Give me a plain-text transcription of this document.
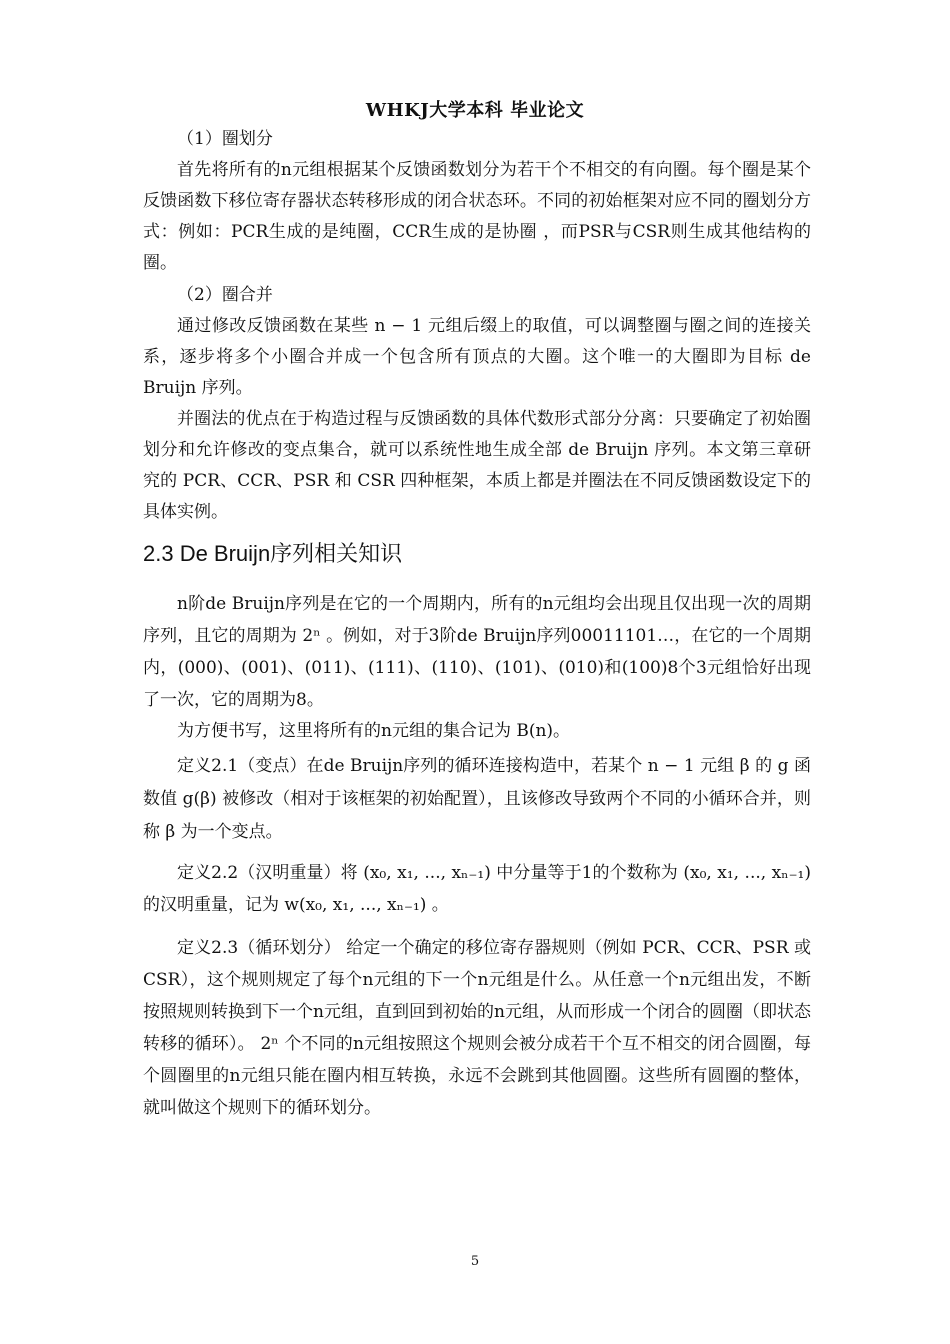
WHKJ大学本科 毕业论文

（1）圈划分

首先将所有的n元组根据某个反馈函数划分为若干个不相交的有向圈。每个圈是某个反馈函数下移位寄存器状态转移形成的闭合状态环。不同的初始框架对应不同的圈划分方式：例如：PCR生成的是纯圈，CCR生成的是协圈 ，而PSR与CSR则生成其他结构的圈。

（2）圈合并

通过修改反馈函数在某些 n − 1 元组后缀上的取值，可以调整圈与圈之间的连接关系，逐步将多个小圈合并成一个包含所有顶点的大圈。这个唯一的大圈即为目标 de Bruijn 序列。

并圈法的优点在于构造过程与反馈函数的具体代数形式部分分离：只要确定了初始圈划分和允许修改的变点集合，就可以系统性地生成全部 de Bruijn 序列。本文第三章研究的 PCR、CCR、PSR 和 CSR 四种框架，本质上都是并圈法在不同反馈函数设定下的具体实例。

2.3 De Bruijn序列相关知识

n阶de Bruijn序列是在它的一个周期内，所有的n元组均会出现且仅出现一次的周期序列，且它的周期为 2ⁿ 。例如，对于3阶de Bruijn序列00011101…，在它的一个周期内，(000)、(001)、(011)、(111)、(110)、(101)、(010)和(100)8个3元组恰好出现了一次，它的周期为8。

为方便书写，这里将所有的n元组的集合记为 B(n)。

定义2.1（变点）在de Bruijn序列的循环连接构造中，若某个 n − 1 元组 β 的 g 函数值 g(β) 被修改（相对于该框架的初始配置），且该修改导致两个不同的小循环合并，则称 β 为一个变点。

定义2.2（汉明重量）将 (x₀, x₁, ..., xₙ₋₁) 中分量等于1的个数称为 (x₀, x₁, ..., xₙ₋₁) 的汉明重量，记为 w(x₀, x₁, ..., xₙ₋₁) 。

定义2.3（循环划分） 给定一个确定的移位寄存器规则（例如 PCR、CCR、PSR 或 CSR），这个规则规定了每个n元组的下一个n元组是什么。从任意一个n元组出发，不断按照规则转换到下一个n元组，直到回到初始的n元组，从而形成一个闭合的圆圈（即状态转移的循环）。 2ⁿ 个不同的n元组按照这个规则会被分成若干个互不相交的闭合圆圈，每个圆圈里的n元组只能在圈内相互转换，永远不会跳到其他圆圈。这些所有圆圈的整体，就叫做这个规则下的循环划分。

5
